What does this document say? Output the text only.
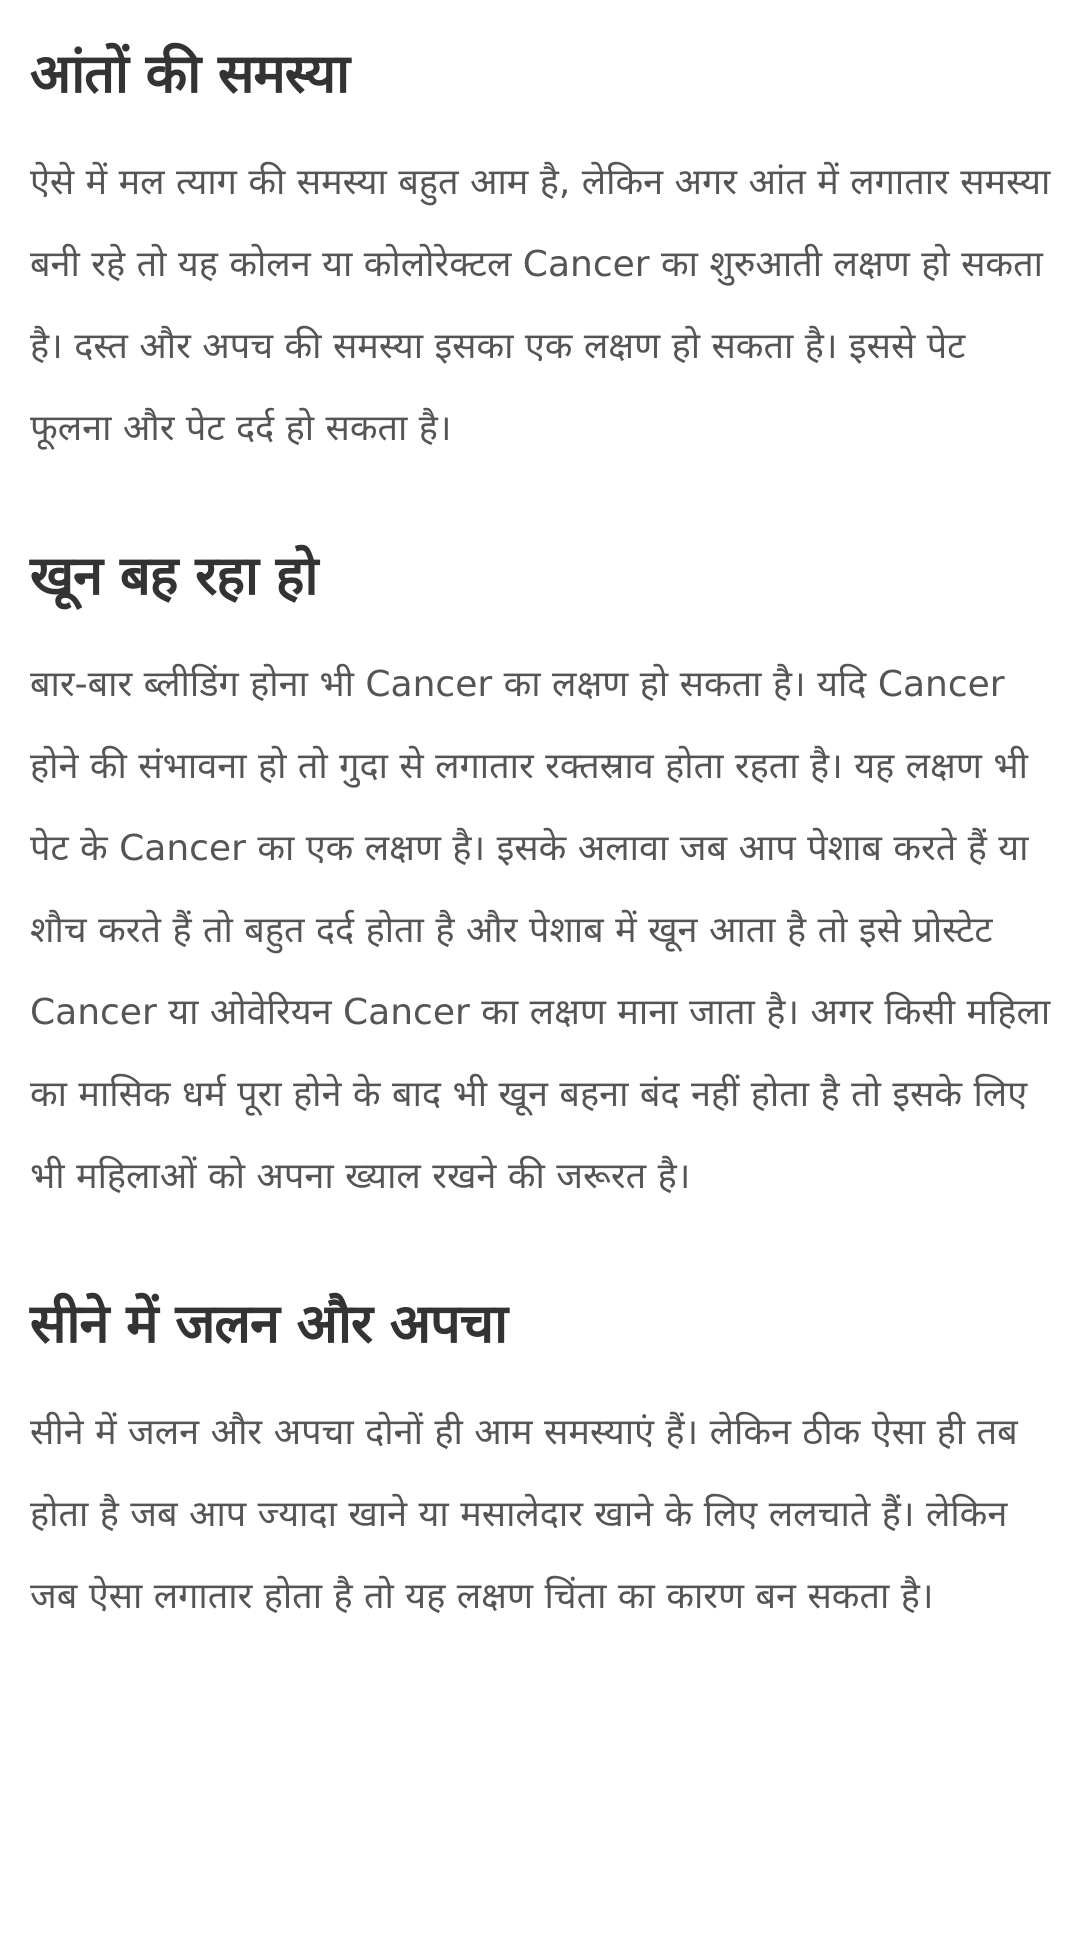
आंतों की समस्या

ऐसे में मल त्याग की समस्या बहुत आम है, लेकिन अगर आंत में लगातार समस्या बनी रहे तो यह कोलन या कोलोरेक्टल Cancer का शुरुआती लक्षण हो सकता है। दस्त और अपच की समस्या इसका एक लक्षण हो सकता है। इससे पेट फूलना और पेट दर्द हो सकता है।

खून बह रहा हो

बार-बार ब्लीडिंग होना भी Cancer का लक्षण हो सकता है। यदि Cancer होने की संभावना हो तो गुदा से लगातार रक्तस्राव होता रहता है। यह लक्षण भी पेट के Cancer का एक लक्षण है। इसके अलावा जब आप पेशाब करते हैं या शौच करते हैं तो बहुत दर्द होता है और पेशाब में खून आता है तो इसे प्रोस्टेट Cancer या ओवेरियन Cancer का लक्षण माना जाता है। अगर किसी महिला का मासिक धर्म पूरा होने के बाद भी खून बहना बंद नहीं होता है तो इसके लिए भी महिलाओं को अपना ख्याल रखने की जरूरत है।

सीने में जलन और अपचा

सीने में जलन और अपचा दोनों ही आम समस्याएं हैं। लेकिन ठीक ऐसा ही तब होता है जब आप ज्यादा खाने या मसालेदार खाने के लिए ललचाते हैं। लेकिन जब ऐसा लगातार होता है तो यह लक्षण चिंता का कारण बन सकता है।
